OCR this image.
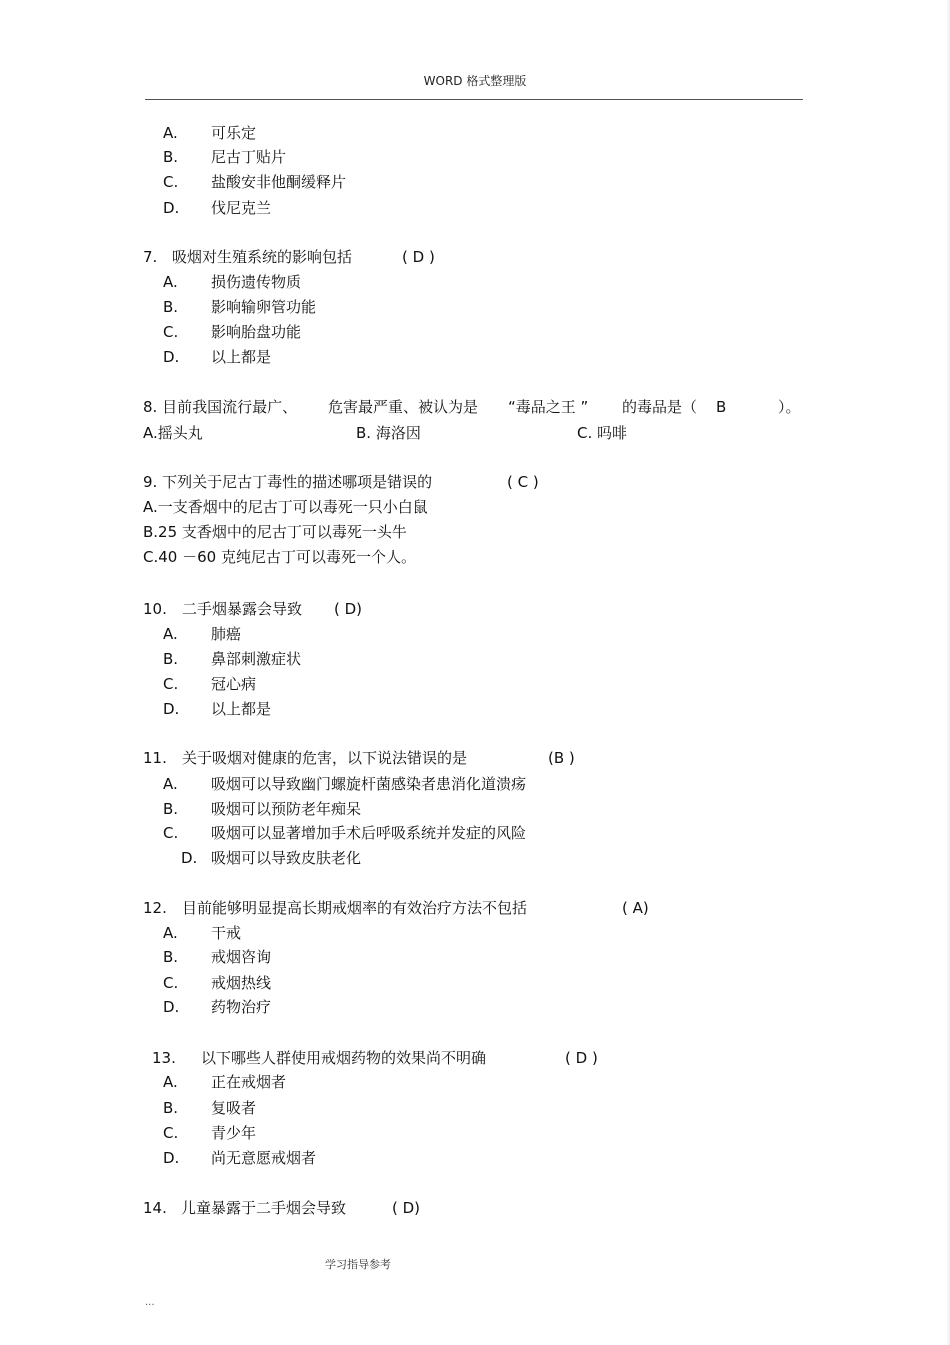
WORD 格式整理版
A. 可乐定
B. 尼古丁贴片
C. 盐酸安非他酮缓释片
D. 伐尼克兰
7. 吸烟对生殖系统的影响包括	( D )
A. 损伤遗传物质
B. 影响输卵管功能
C. 影响胎盘功能
D. 以上都是
8. 目前我国流行最广、 危害最严重、被认为是 “毒品之王 ” 的毒品是（ B	）。
A.摇头丸	B. 海洛因	C. 吗啡
9. 下列关于尼古丁毒性的描述哪项是错误的	( C )
A.一支香烟中的尼古丁可以毒死一只小白鼠
B.25 支香烟中的尼古丁可以毒死一头牛
C.40 －60 克纯尼古丁可以毒死一个人。
10. 二手烟暴露会导致 ( D)
A. 肺癌
B. 鼻部刺激症状
C. 冠心病
D. 以上都是
11. 关于吸烟对健康的危害，以下说法错误的是	(B )
A. 吸烟可以导致幽门螺旋杆菌感染者患消化道溃疡
B. 吸烟可以预防老年痴呆
C. 吸烟可以显著增加手术后呼吸系统并发症的风险
D. 吸烟可以导致皮肤老化
12. 目前能够明显提高长期戒烟率的有效治疗方法不包括	( A)
A. 干戒
B. 戒烟咨询
C. 戒烟热线
D. 药物治疗
13. 以下哪些人群使用戒烟药物的效果尚不明确	( D )
A. 正在戒烟者
B. 复吸者
C. 青少年
D. 尚无意愿戒烟者
14. 儿童暴露于二手烟会导致	( D)
学习指导参考
...
